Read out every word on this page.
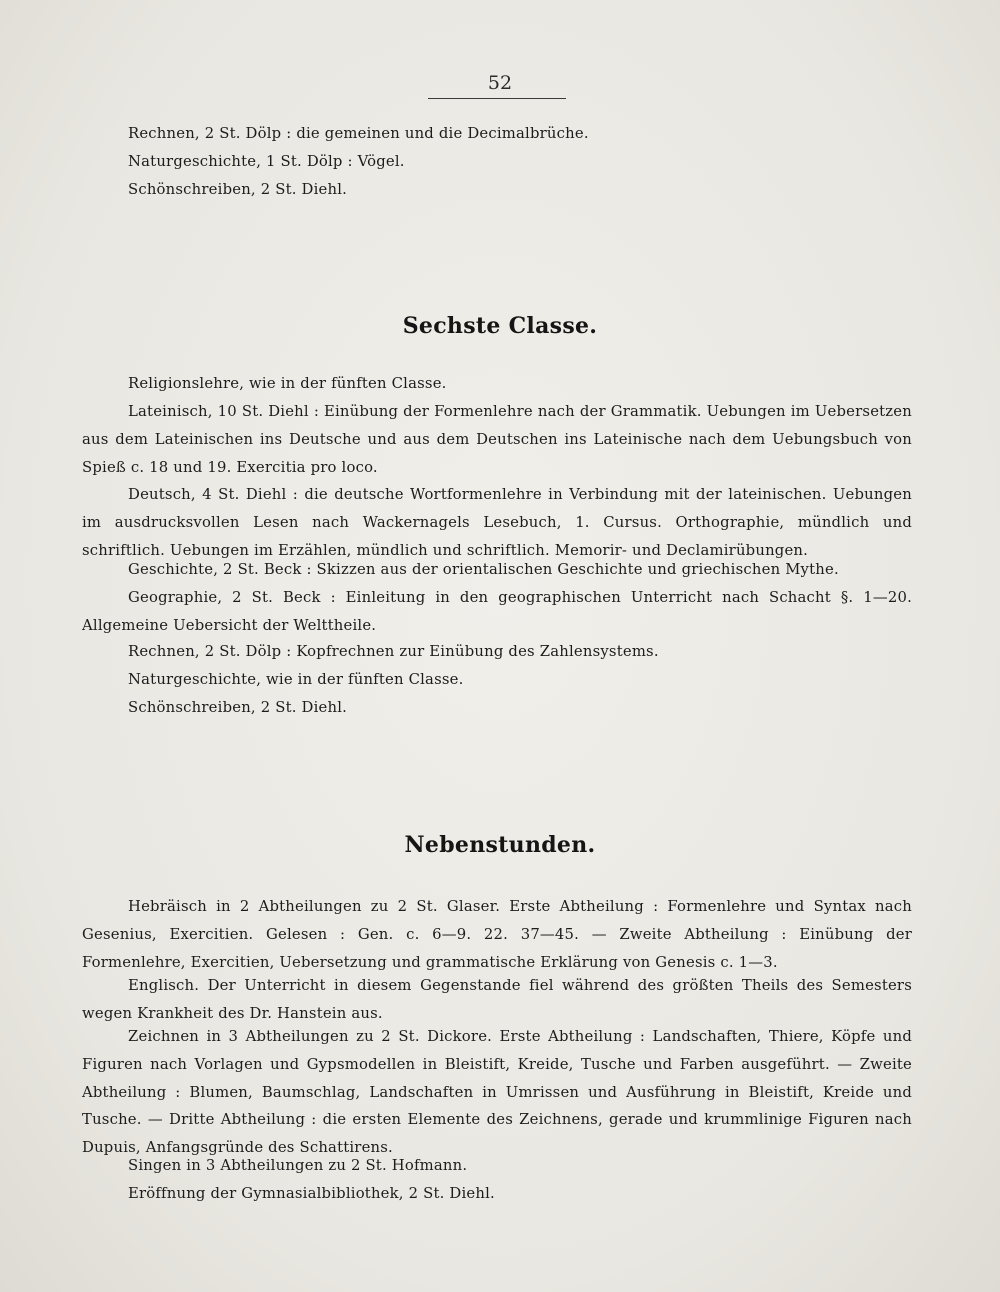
52
Rechnen, 2 St. Dölp : die gemeinen und die Decimalbrüche.
Naturgeschichte, 1 St. Dölp : Vögel.
Schönschreiben, 2 St. Diehl.
Sechste Classe.
Religionslehre, wie in der fünften Classe.
Lateinisch, 10 St. Diehl : Einübung der Formenlehre nach der Grammatik. Uebungen im Uebersetzen aus dem Lateinischen ins Deutsche und aus dem Deutschen ins Lateinische nach dem Uebungsbuch von Spieß c. 18 und 19. Exercitia pro loco.
Deutsch, 4 St. Diehl : die deutsche Wortformenlehre in Verbindung mit der lateinischen. Uebungen im ausdrucksvollen Lesen nach Wackernagels Lesebuch, 1. Cursus. Orthographie, mündlich und schriftlich. Uebungen im Erzählen, mündlich und schriftlich. Memorir- und Declamirübungen.
Geschichte, 2 St. Beck : Skizzen aus der orientalischen Geschichte und griechischen Mythe.
Geographie, 2 St. Beck : Einleitung in den geographischen Unterricht nach Schacht §. 1—20. Allgemeine Uebersicht der Welttheile.
Rechnen, 2 St. Dölp : Kopfrechnen zur Einübung des Zahlensystems.
Naturgeschichte, wie in der fünften Classe.
Schönschreiben, 2 St. Diehl.
Nebenstunden.
Hebräisch in 2 Abtheilungen zu 2 St. Glaser. Erste Abtheilung : Formenlehre und Syntax nach Gesenius, Exercitien. Gelesen : Gen. c. 6—9. 22. 37—45. — Zweite Abtheilung : Einübung der Formenlehre, Exercitien, Uebersetzung und grammatische Erklärung von Genesis c. 1—3.
Englisch. Der Unterricht in diesem Gegenstande fiel während des größten Theils des Semesters wegen Krankheit des Dr. Hanstein aus.
Zeichnen in 3 Abtheilungen zu 2 St. Dickore. Erste Abtheilung : Landschaften, Thiere, Köpfe und Figuren nach Vorlagen und Gypsmodellen in Bleistift, Kreide, Tusche und Farben ausgeführt. — Zweite Abtheilung : Blumen, Baumschlag, Landschaften in Umrissen und Ausführung in Bleistift, Kreide und Tusche. — Dritte Abtheilung : die ersten Elemente des Zeichnens, gerade und krummlinige Figuren nach Dupuis, Anfangsgründe des Schattirens.
Singen in 3 Abtheilungen zu 2 St. Hofmann.
Eröffnung der Gymnasialbibliothek, 2 St. Diehl.
